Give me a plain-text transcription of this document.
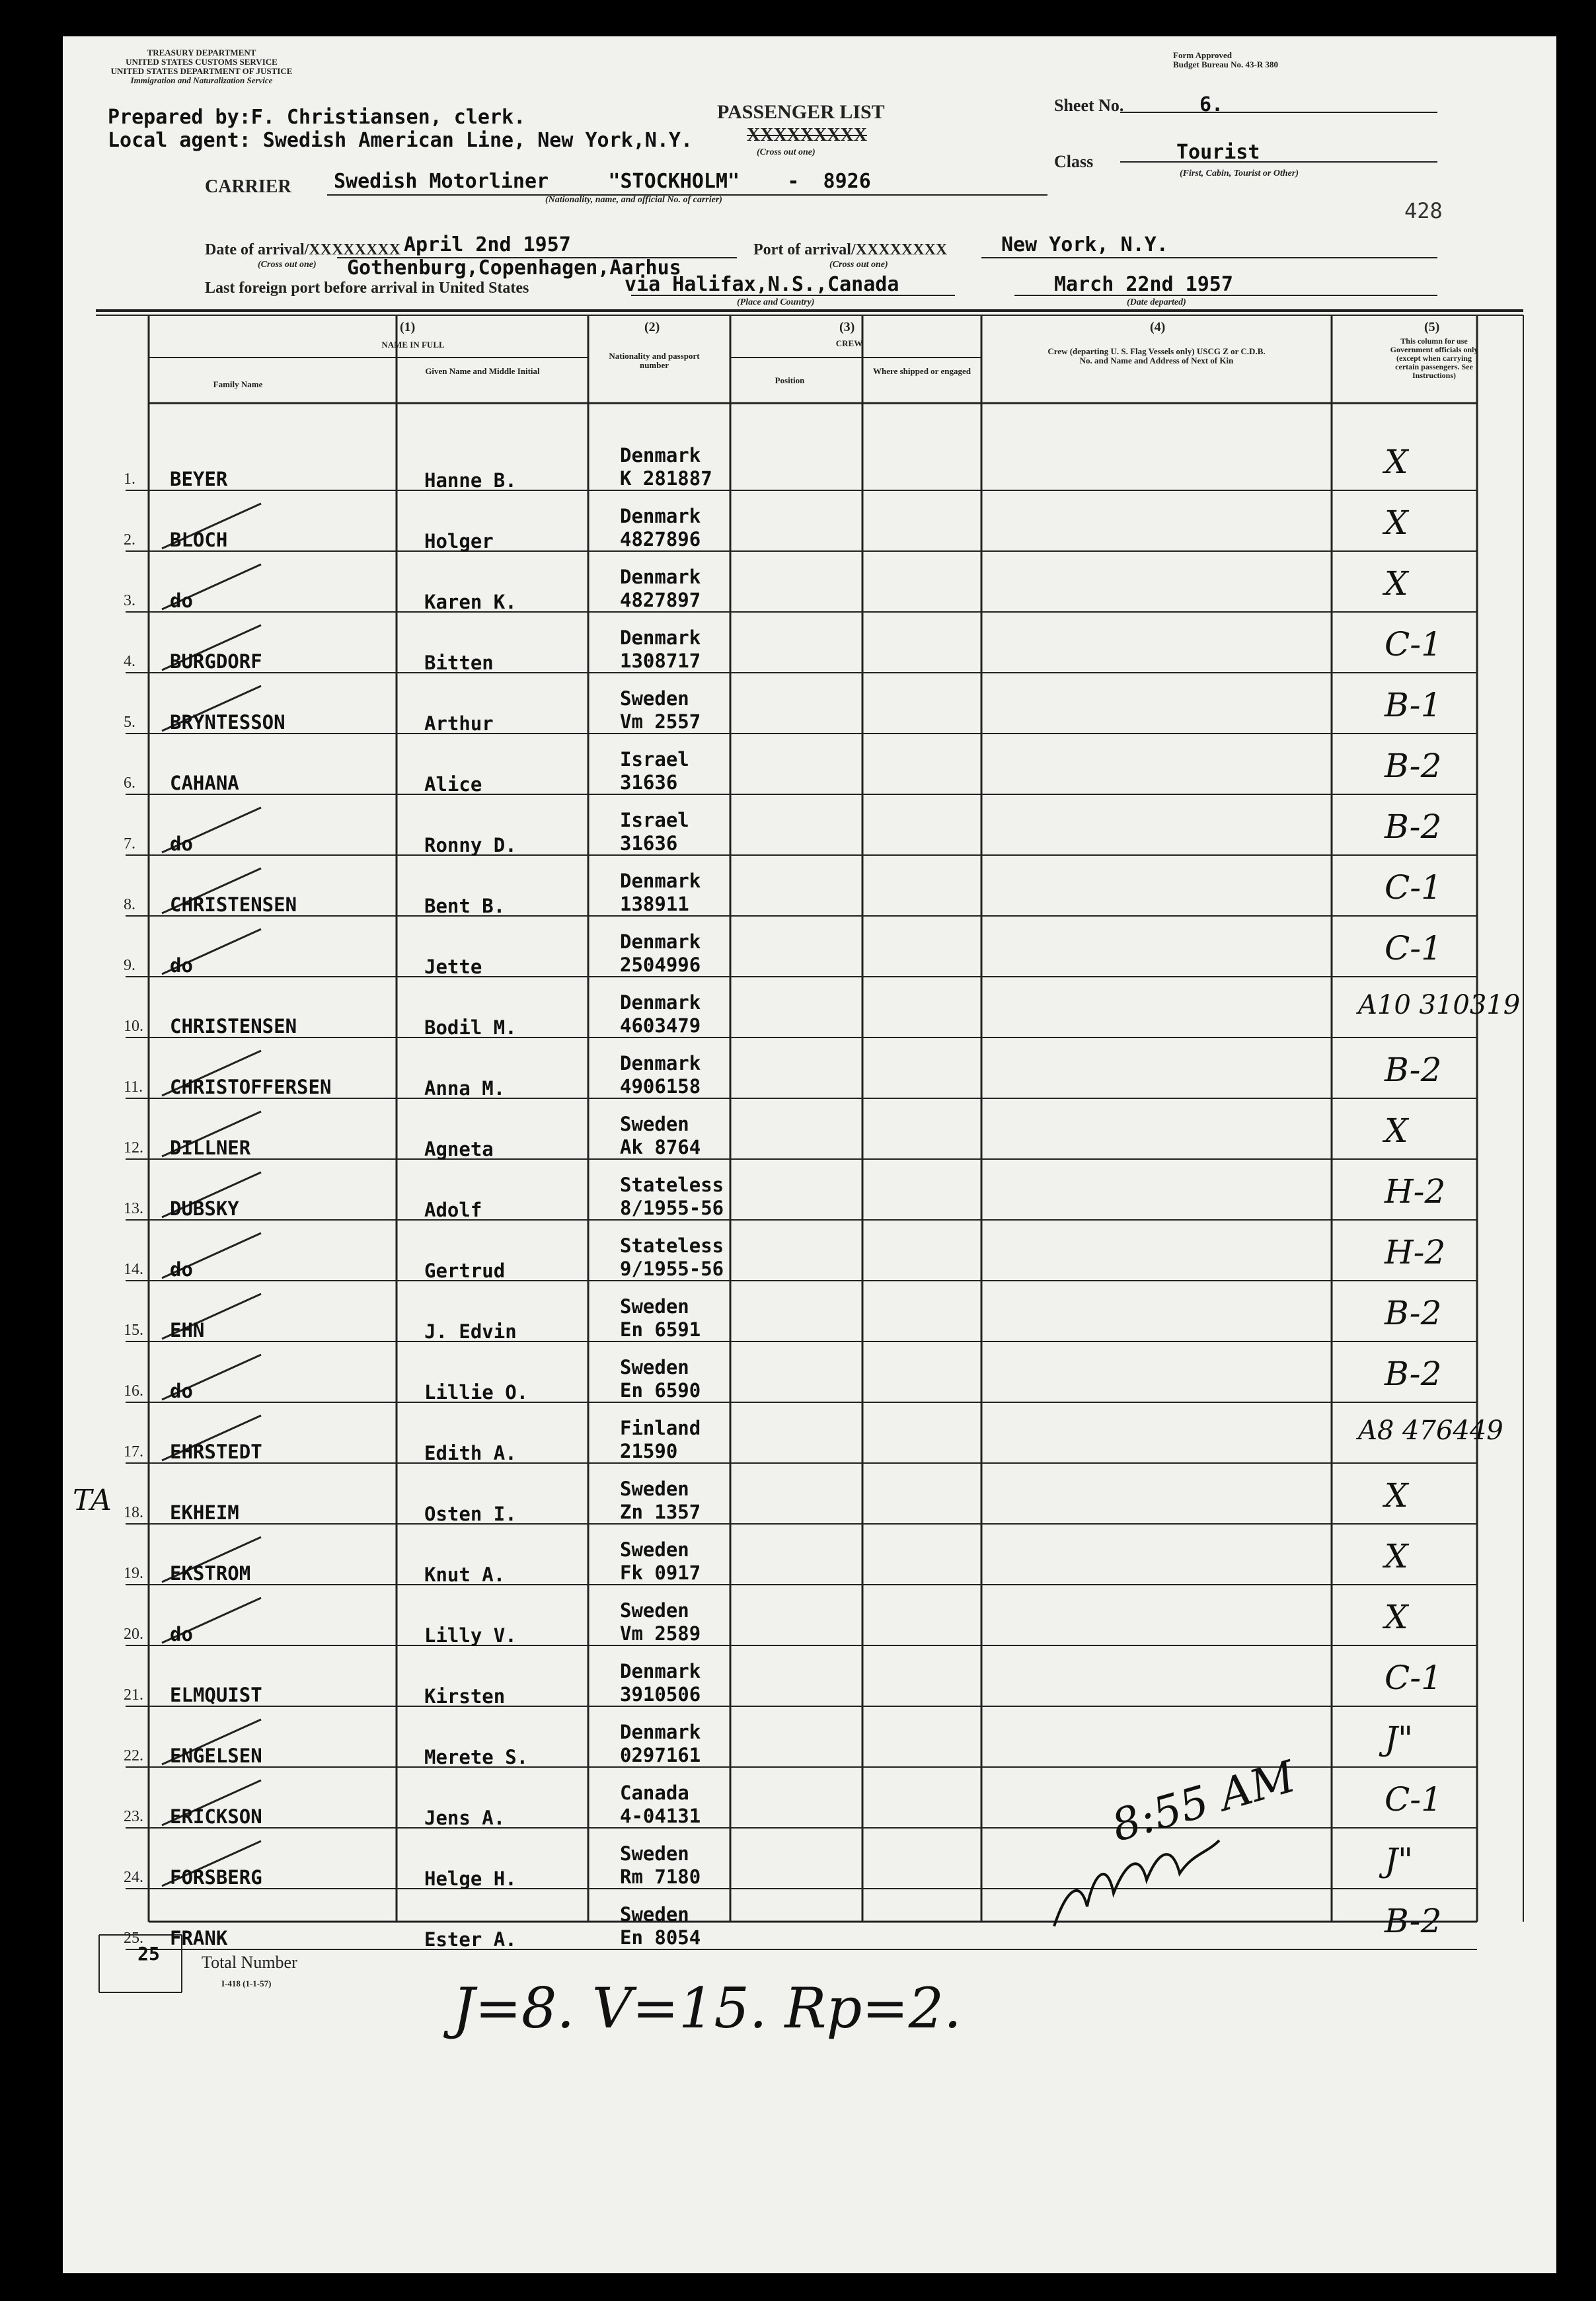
TREASURY DEPARTMENT
UNITED STATES CUSTOMS SERVICE
UNITED STATES DEPARTMENT OF JUSTICE
Immigration and Naturalization Service
Form Approved
Budget Bureau No. 43-R 380
Prepared by:F. Christiansen, clerk.
Local agent: Swedish American Line, New York,N.Y.
PASSENGER LIST
XXXXXXXXX
(Cross out one)
Sheet No.	6.
Tourist
Class
(First, Cabin, Tourist or Other)
428
CARRIER Swedish Motorliner     "STOCKHOLM"    -  8926
(Nationality, name, and official No. of carrier)
Date of arrival/XXXXXXXX April 2nd 1957
(Cross out one)
Port of arrival/XXXXXXXX	New York, N.Y.
(Cross out one)
Gothenburg,Copenhagen,Aarhus
Last foreign port before arrival in United States	via Halifax,N.S.,Canada
(Place and Country)
March 22nd 1957
(Date departed)
(1)
NAME IN FULL
Family Name
Given Name and Middle Initial
(2)
Nationality and passport number
(3)
CREW
Position
Where shipped or engaged
(4)
Crew (departing U. S. Flag Vessels only) USCG Z or C.D.B. No. and Name and Address of Next of Kin
(5)
This column for use Government officials only (except when carrying certain passengers. See Instructions)
1. BEYER	Hanne B.
Denmark
K 281887	X
2. BLOCH	Holger
Denmark
4827896	X
3. do	Karen K.
Denmark
4827897	X
4. BURGDORF	Bitten
Denmark
1308717	C-1
5. BRYNTESSON	Arthur
Sweden
Vm 2557	B-1
6. CAHANA	Alice
Israel
31636	B-2
7. do	Ronny D.
Israel
31636	B-2
8. CHRISTENSEN	Bent B.
Denmark
138911	C-1
9. do	Jette
Denmark
2504996	C-1
10. CHRISTENSEN	Bodil M.
Denmark
4603479
A10 310319
11. CHRISTOFFERSEN	Anna M.
Denmark
4906158	B-2
12. DILLNER	Agneta
Sweden
Ak 8764	X
13. DUBSKY	Adolf
Stateless
8/1955-56	H-2
14. do	Gertrud
Stateless
9/1955-56	H-2
15. EHN	J. Edvin
Sweden
En 6591	B-2
16. do	Lillie O.
Sweden
En 6590	B-2
17. EHRSTEDT	Edith A.
Finland
21590
A8 476449
18. EKHEIM	Osten I.
Sweden
Zn 1357	X
19. EKSTROM	Knut A.
Sweden
Fk 0917	X
20. do	Lilly V.
Sweden
Vm 2589	X
21. ELMQUIST	Kirsten
Denmark
3910506	C-1
22. ENGELSEN	Merete S.
Denmark
0297161	J"
23. ERICKSON	Jens A.
Canada
4-04131	C-1
24. FORSBERG	Helge H.
Sweden
Rm 7180	J"
25. FRANK	Ester A.
Sweden
En 8054	B-2
25	Total Number
I-418 (1-1-57)	J=8. V=15. Rp=2.
8:55 AM
TA
